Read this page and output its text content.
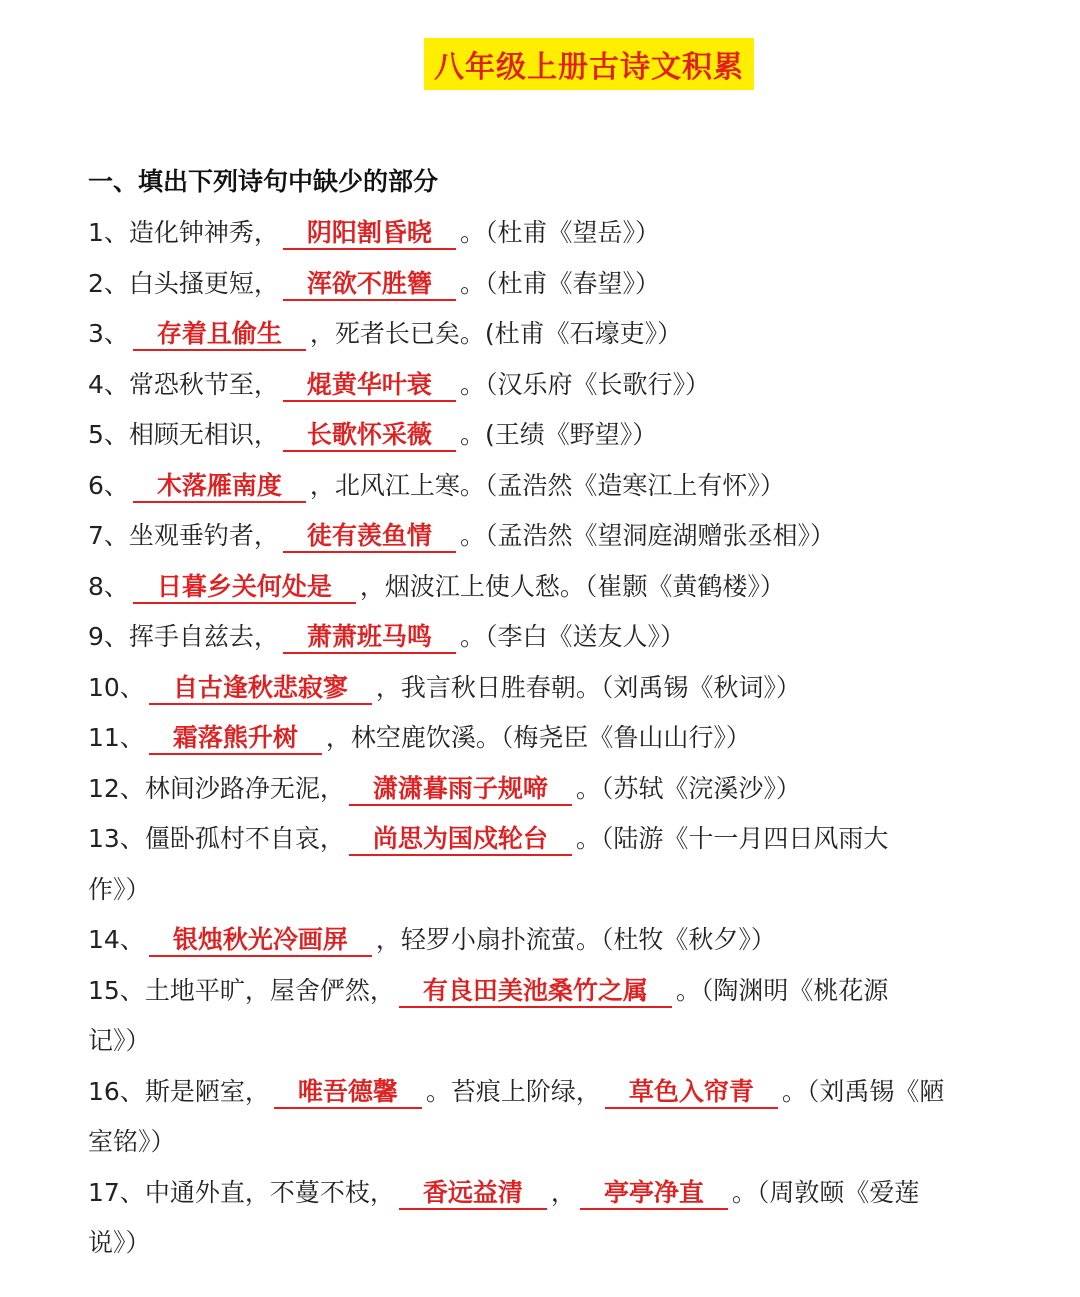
八年级上册古诗文积累
一、填出下列诗句中缺少的部分
1、造化钟神秀， 阴阳割昏晓 。（杜甫《望岳》）
2、白头搔更短， 浑欲不胜簪 。（杜甫《春望》）
3、 存着且偷生 ，死者长已矣。(杜甫《石壕吏》）
4、常恐秋节至， 焜黄华叶衰 。（汉乐府《长歌行》）
5、相顾无相识， 长歌怀采薇 。(王绩《野望》）
6、 木落雁南度 ，北风江上寒。（孟浩然《造寒江上有怀》）
7、坐观垂钓者， 徒有羡鱼情 。（孟浩然《望洞庭湖赠张丞相》）
8、 日暮乡关何处是 ，烟波江上使人愁。（崔颢《黄鹤楼》）
9、挥手自兹去， 萧萧班马鸣 。（李白《送友人》）
10、 自古逢秋悲寂寥 ，我言秋日胜春朝。（刘禹锡《秋词》）
11、 霜落熊升树 ，林空鹿饮溪。（梅尧臣《鲁山山行》）
12、林间沙路净无泥， 潇潇暮雨子规啼 。（苏轼《浣溪沙》）
13、僵卧孤村不自哀， 尚思为国戍轮台 。（陆游《十一月四日风雨大
作》）
14、 银烛秋光冷画屏 ，轻罗小扇扑流萤。（杜牧《秋夕》）
15、土地平旷，屋舍俨然， 有良田美池桑竹之属 。（陶渊明《桃花源
记》）
16、斯是陋室， 唯吾德馨 。苔痕上阶绿， 草色入帘青 。（刘禹锡《陋
室铭》）
17、中通外直，不蔓不枝， 香远益清 ， 亭亭净直 。（周敦颐《爱莲
说》）
